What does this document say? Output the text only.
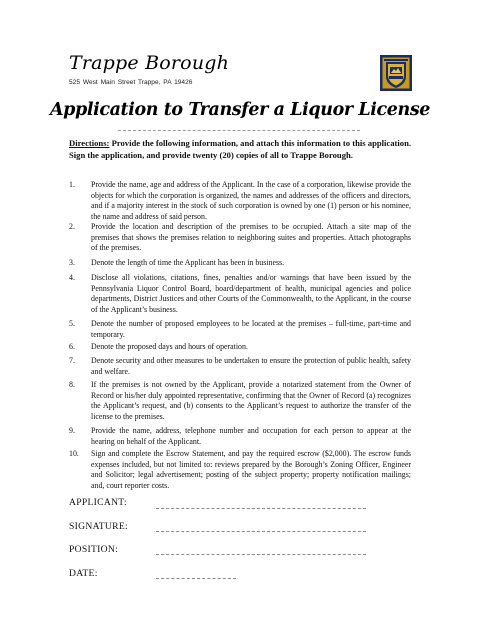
Trappe Borough
525 West Main Street Trappe, PA 19426
Application to Transfer a Liquor License
Directions: Provide the following information, and attach this information to this application. Sign the application, and provide twenty (20) copies of all to Trappe Borough.
1. Provide the name, age and address of the Applicant. In the case of a corporation, likewise provide the objects for which the corporation is organized, the names and addresses of the officers and directors, and if a majority interest in the stock of such corporation is owned by one (1) person or his nominee, the name and address of said person.
2. Provide the location and description of the premises to be occupied. Attach a site map of the premises that shows the premises relation to neighboring suites and properties. Attach photographs of the premises.
3. Denote the length of time the Applicant has been in business.
4. Disclose all violations, citations, fines, penalties and/or warnings that have been issued by the Pennsylvania Liquor Control Board, board/department of health, municipal agencies and police departments, District Justices and other Courts of the Commonwealth, to the Applicant, in the course of the Applicant’s business.
5. Denote the number of proposed employees to be located at the premises – full-time, part-time and temporary.
6. Denote the proposed days and hours of operation.
7. Denote security and other measures to be undertaken to ensure the protection of public health, safety and welfare.
8. If the premises is not owned by the Applicant, provide a notarized statement from the Owner of Record or his/her duly appointed representative, confirming that the Owner of Record (a) recognizes the Applicant’s request, and (b) consents to the Applicant’s request to authorize the transfer of the license to the premises.
9. Provide the name, address, telephone number and occupation for each person to appear at the hearing on behalf of the Applicant.
10. Sign and complete the Escrow Statement, and pay the required escrow ($2,000). The escrow funds expenses included, but not limited to: reviews prepared by the Borough’s Zoning Officer, Engineer and Solicitor; legal advertisement; posting of the subject property; property notification mailings; and, court reporter costs.
APPLICANT:
SIGNATURE:
POSITION:
DATE:
